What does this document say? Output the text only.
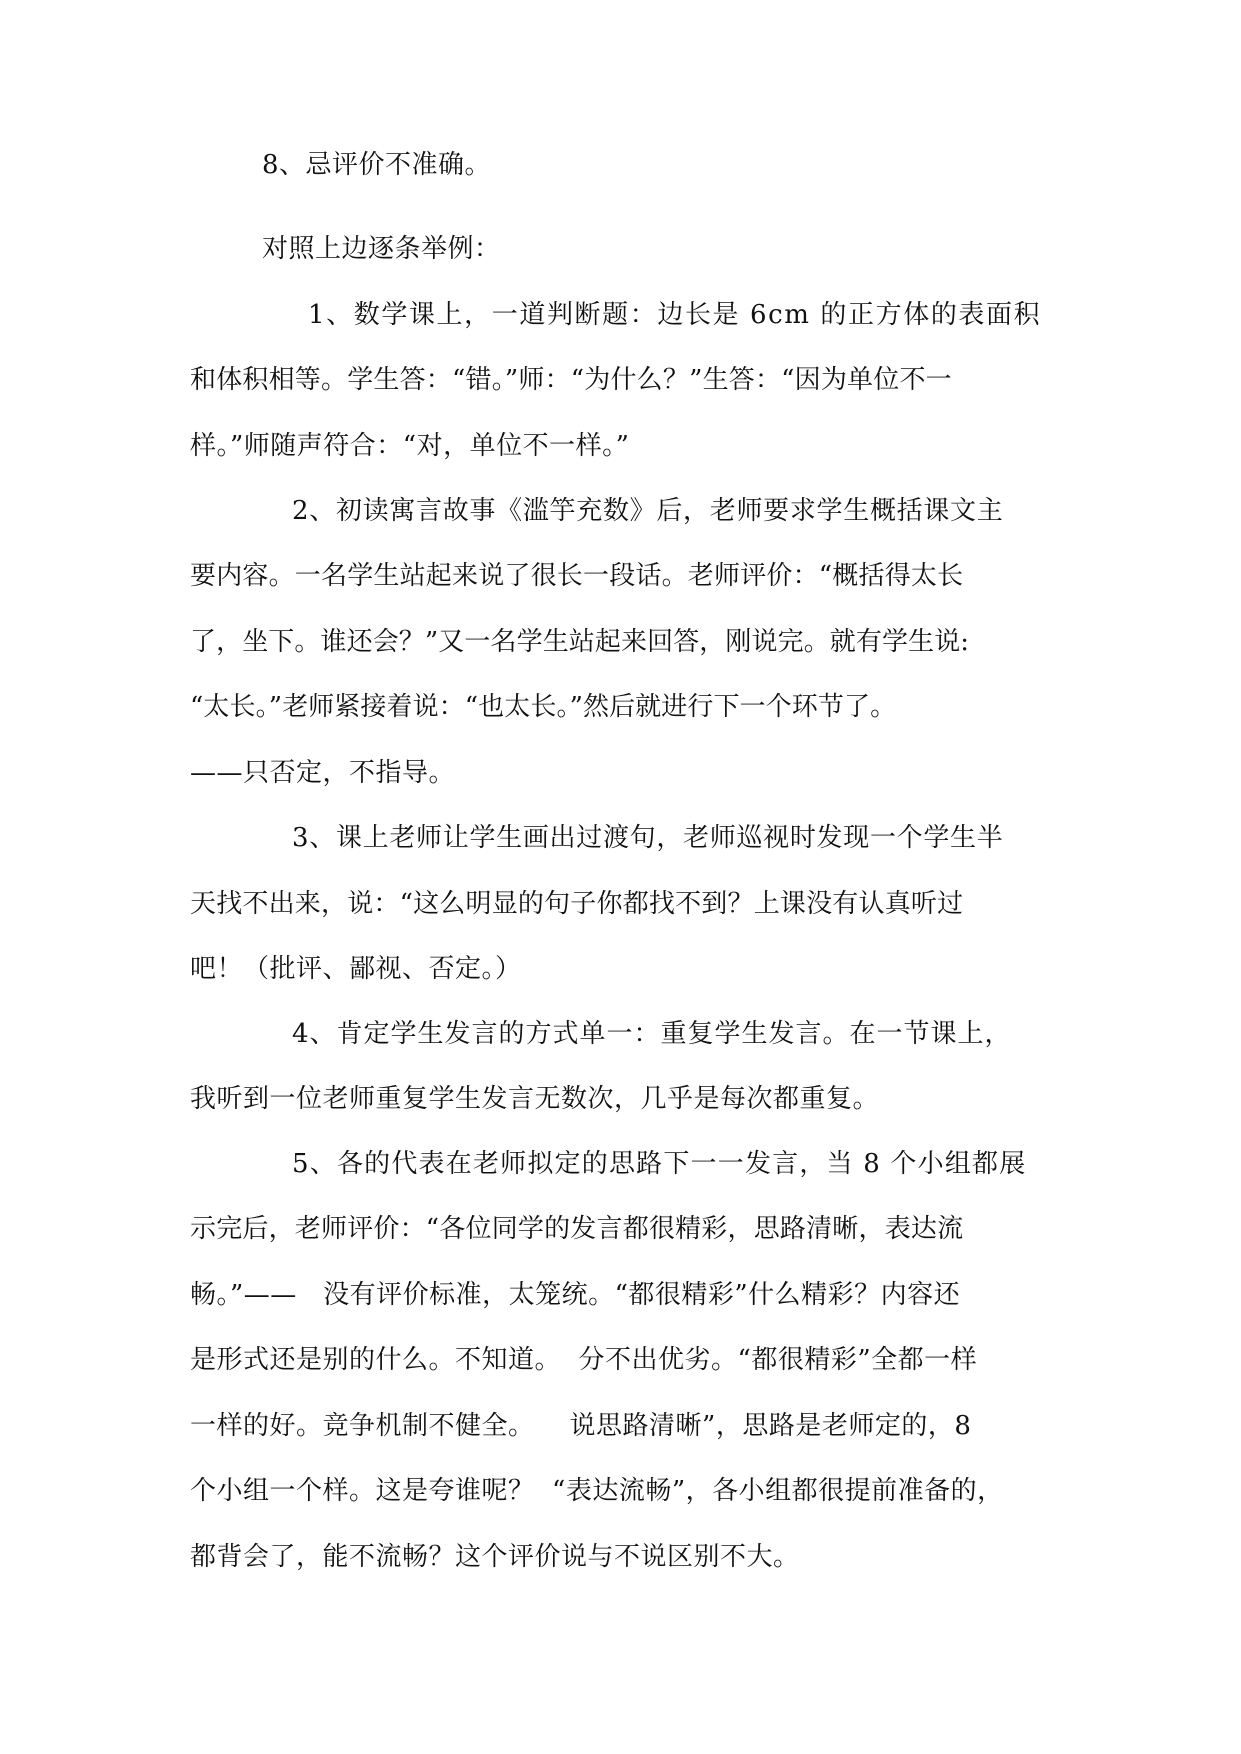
8、忌评价不准确。
对照上边逐条举例：
1、数学课上，一道判断题：边长是 6cm 的正方体的表面积
和体积相等。学生答：“错。”师：“为什么？”生答：“因为单位不一
样。”师随声符合：“对，单位不一样。”
2、初读寓言故事《滥竽充数》后，老师要求学生概括课文主
要内容。一名学生站起来说了很长一段话。老师评价：“概括得太长
了，坐下。谁还会？”又一名学生站起来回答，刚说完。就有学生说:
“太长。”老师紧接着说：“也太长。”然后就进行下一个环节了。
——只否定，不指导。
3、课上老师让学生画出过渡句，老师巡视时发现一个学生半
天找不出来，说：“这么明显的句子你都找不到？上课没有认真听过
吧！（批评、鄙视、否定。）
4、肯定学生发言的方式单一：重复学生发言。在一节课上，
我听到一位老师重复学生发言无数次，几乎是每次都重复。
5、各的代表在老师拟定的思路下一一发言，当 8 个小组都展
示完后，老师评价：“各位同学的发言都很精彩，思路清晰，表达流
畅。”——   没有评价标准，太笼统。“都很精彩”什么精彩？内容还
是形式还是别的什么。不知道。  分不出优劣。“都很精彩”全都一样
一样的好。竞争机制不健全。    说思路清晰”，思路是老师定的，8
个小组一个样。这是夸谁呢？  “表达流畅”，各小组都很提前准备的，
都背会了，能不流畅？这个评价说与不说区别不大。
